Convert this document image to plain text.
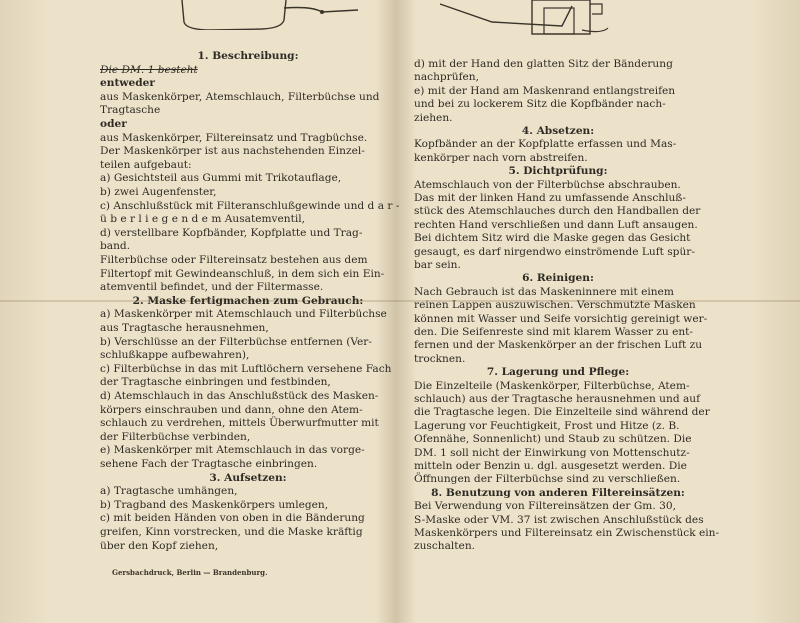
1. Beschreibung:
Die DM. 1 besteht
entweder
aus Maskenkörper, Atemschlauch, Filterbüchse und
Tragtasche
oder
aus Maskenkörper, Filtereinsatz und Tragbüchse.
Der Maskenkörper ist aus nachstehenden Einzel-
teilen aufgebaut:
a) Gesichtsteil aus Gummi mit Trikotauflage,
b) zwei Augenfenster,
c) Anschlußstück mit Filteranschlußgewinde und d a r -
ü b e r l i e g e n d e m Ausatemventil,
d) verstellbare Kopfbänder, Kopfplatte und Trag-
band.
Filterbüchse oder Filtereinsatz bestehen aus dem
Filtertopf mit Gewindeanschluß, in dem sich ein Ein-
atemventil befindet, und der Filtermasse.
2. Maske fertigmachen zum Gebrauch:
a) Maskenkörper mit Atemschlauch und Filterbüchse
aus Tragtasche herausnehmen,
b) Verschlüsse an der Filterbüchse entfernen (Ver-
schlußkappe aufbewahren),
c) Filterbüchse in das mit Luftlöchern versehene Fach
der Tragtasche einbringen und festbinden,
d) Atemschlauch in das Anschlußstück des Masken-
körpers einschrauben und dann, ohne den Atem-
schlauch zu verdrehen, mittels Überwurfmutter mit
der Filterbüchse verbinden,
e) Maskenkörper mit Atemschlauch in das vorge-
sehene Fach der Tragtasche einbringen.
3. Aufsetzen:
a) Tragtasche umhängen,
b) Tragband des Maskenkörpers umlegen,
c) mit beiden Händen von oben in die Bänderung
greifen, Kinn vorstrecken, und die Maske kräftig
über den Kopf ziehen,
d) mit der Hand den glatten Sitz der Bänderung
nachprüfen,
e) mit der Hand am Maskenrand entlangstreifen
und bei zu lockerem Sitz die Kopfbänder nach-
ziehen.
4. Absetzen:
Kopfbänder an der Kopfplatte erfassen und Mas-
kenkörper nach vorn abstreifen.
5. Dichtprüfung:
Atemschlauch von der Filterbüchse abschrauben.
Das mit der linken Hand zu umfassende Anschluß-
stück des Atemschlauches durch den Handballen der
rechten Hand verschließen und dann Luft ansaugen.
Bei dichtem Sitz wird die Maske gegen das Gesicht
gesaugt, es darf nirgendwo einströmende Luft spür-
bar sein.
6. Reinigen:
Nach Gebrauch ist das Maskeninnere mit einem
reinen Lappen auszuwischen. Verschmutzte Masken
können mit Wasser und Seife vorsichtig gereinigt wer-
den. Die Seifenreste sind mit klarem Wasser zu ent-
fernen und der Maskenkörper an der frischen Luft zu
trocknen.
7. Lagerung und Pflege:
Die Einzelteile (Maskenkörper, Filterbüchse, Atem-
schlauch) aus der Tragtasche herausnehmen und auf
die Tragtasche legen. Die Einzelteile sind während der
Lagerung vor Feuchtigkeit, Frost und Hitze (z. B.
Ofennähe, Sonnenlicht) und Staub zu schützen. Die
DM. 1 soll nicht der Einwirkung von Mottenschutz-
mitteln oder Benzin u. dgl. ausgesetzt werden. Die
Öffnungen der Filterbüchse sind zu verschließen.
8. Benutzung von anderen Filtereinsätzen:
Bei Verwendung von Filtereinsätzen der Gm. 30,
S-Maske oder VM. 37 ist zwischen Anschlußstück des
Maskenkörpers und Filtereinsatz ein Zwischenstück ein-
zuschalten.
Gersbachdruck, Berlin — Brandenburg.
